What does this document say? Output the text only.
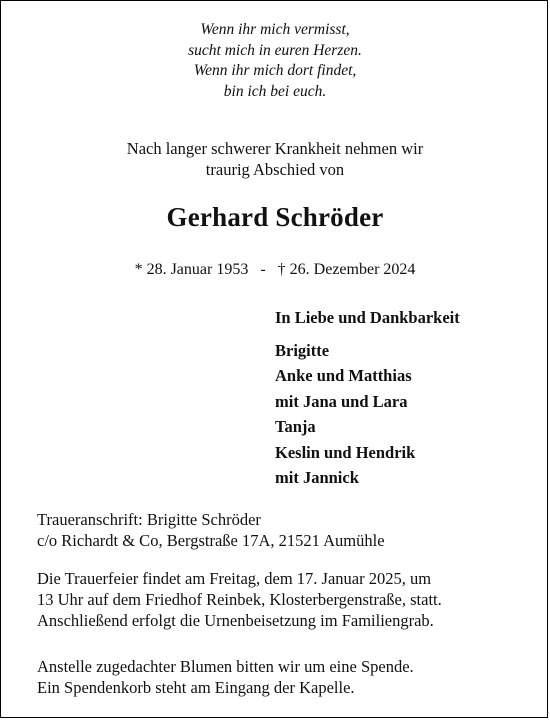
Wenn ihr mich vermisst,
sucht mich in euren Herzen.
Wenn ihr mich dort findet,
bin ich bei euch.
Nach langer schwerer Krankheit nehmen wir
traurig Abschied von
Gerhard Schröder
* 28. Januar 1953   -   † 26. Dezember 2024
In Liebe und Dankbarkeit
Brigitte
Anke und Matthias
mit Jana und Lara
Tanja
Keslin und Hendrik
mit Jannick
Traueranschrift: Brigitte Schröder
c/o Richardt & Co, Bergstraße 17A, 21521 Aumühle
Die Trauerfeier findet am Freitag, dem 17. Januar 2025, um
13 Uhr auf dem Friedhof Reinbek, Klosterbergenstraße, statt.
Anschließend erfolgt die Urnenbeisetzung im Familiengrab.
Anstelle zugedachter Blumen bitten wir um eine Spende.
Ein Spendenkorb steht am Eingang der Kapelle.
